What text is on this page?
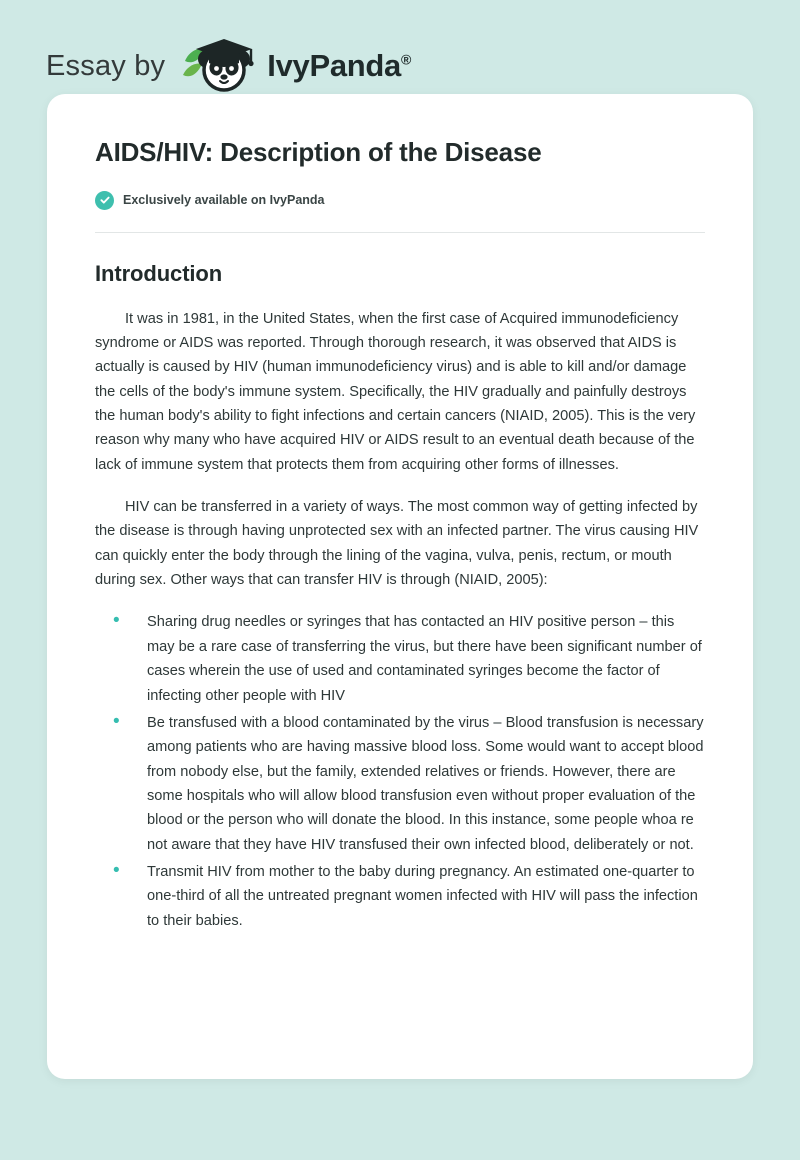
Essay by	IvyPanda®
AIDS/HIV: Description of the Disease
Exclusively available on IvyPanda
Introduction

It was in 1981, in the United States, when the first case of Acquired immunodeficiency syndrome or AIDS was reported. Through thorough research, it was observed that AIDS is actually is caused by HIV (human immunodeficiency virus) and is able to kill and/or damage the cells of the body's immune system. Specifically, the HIV gradually and painfully destroys the human body's ability to fight infections and certain cancers (NIAID, 2005). This is the very reason why many who have acquired HIV or AIDS result to an eventual death because of the lack of immune system that protects them from acquiring other forms of illnesses.

HIV can be transferred in a variety of ways. The most common way of getting infected by the disease is through having unprotected sex with an infected partner. The virus causing HIV can quickly enter the body through the lining of the vagina, vulva, penis, rectum, or mouth during sex. Other ways that can transfer HIV is through (NIAID, 2005):

• Sharing drug needles or syringes that has contacted an HIV positive person – this may be a rare case of transferring the virus, but there have been significant number of cases wherein the use of used and contaminated syringes become the factor of infecting other people with HIV
• Be transfused with a blood contaminated by the virus – Blood transfusion is necessary among patients who are having massive blood loss. Some would want to accept blood from nobody else, but the family, extended relatives or friends. However, there are some hospitals who will allow blood transfusion even without proper evaluation of the blood or the person who will donate the blood. In this instance, some people whoa re not aware that they have HIV transfused their own infected blood, deliberately or not.
• Transmit HIV from mother to the baby during pregnancy. An estimated one-quarter to one-third of all the untreated pregnant women infected with HIV will pass the infection to their babies.
